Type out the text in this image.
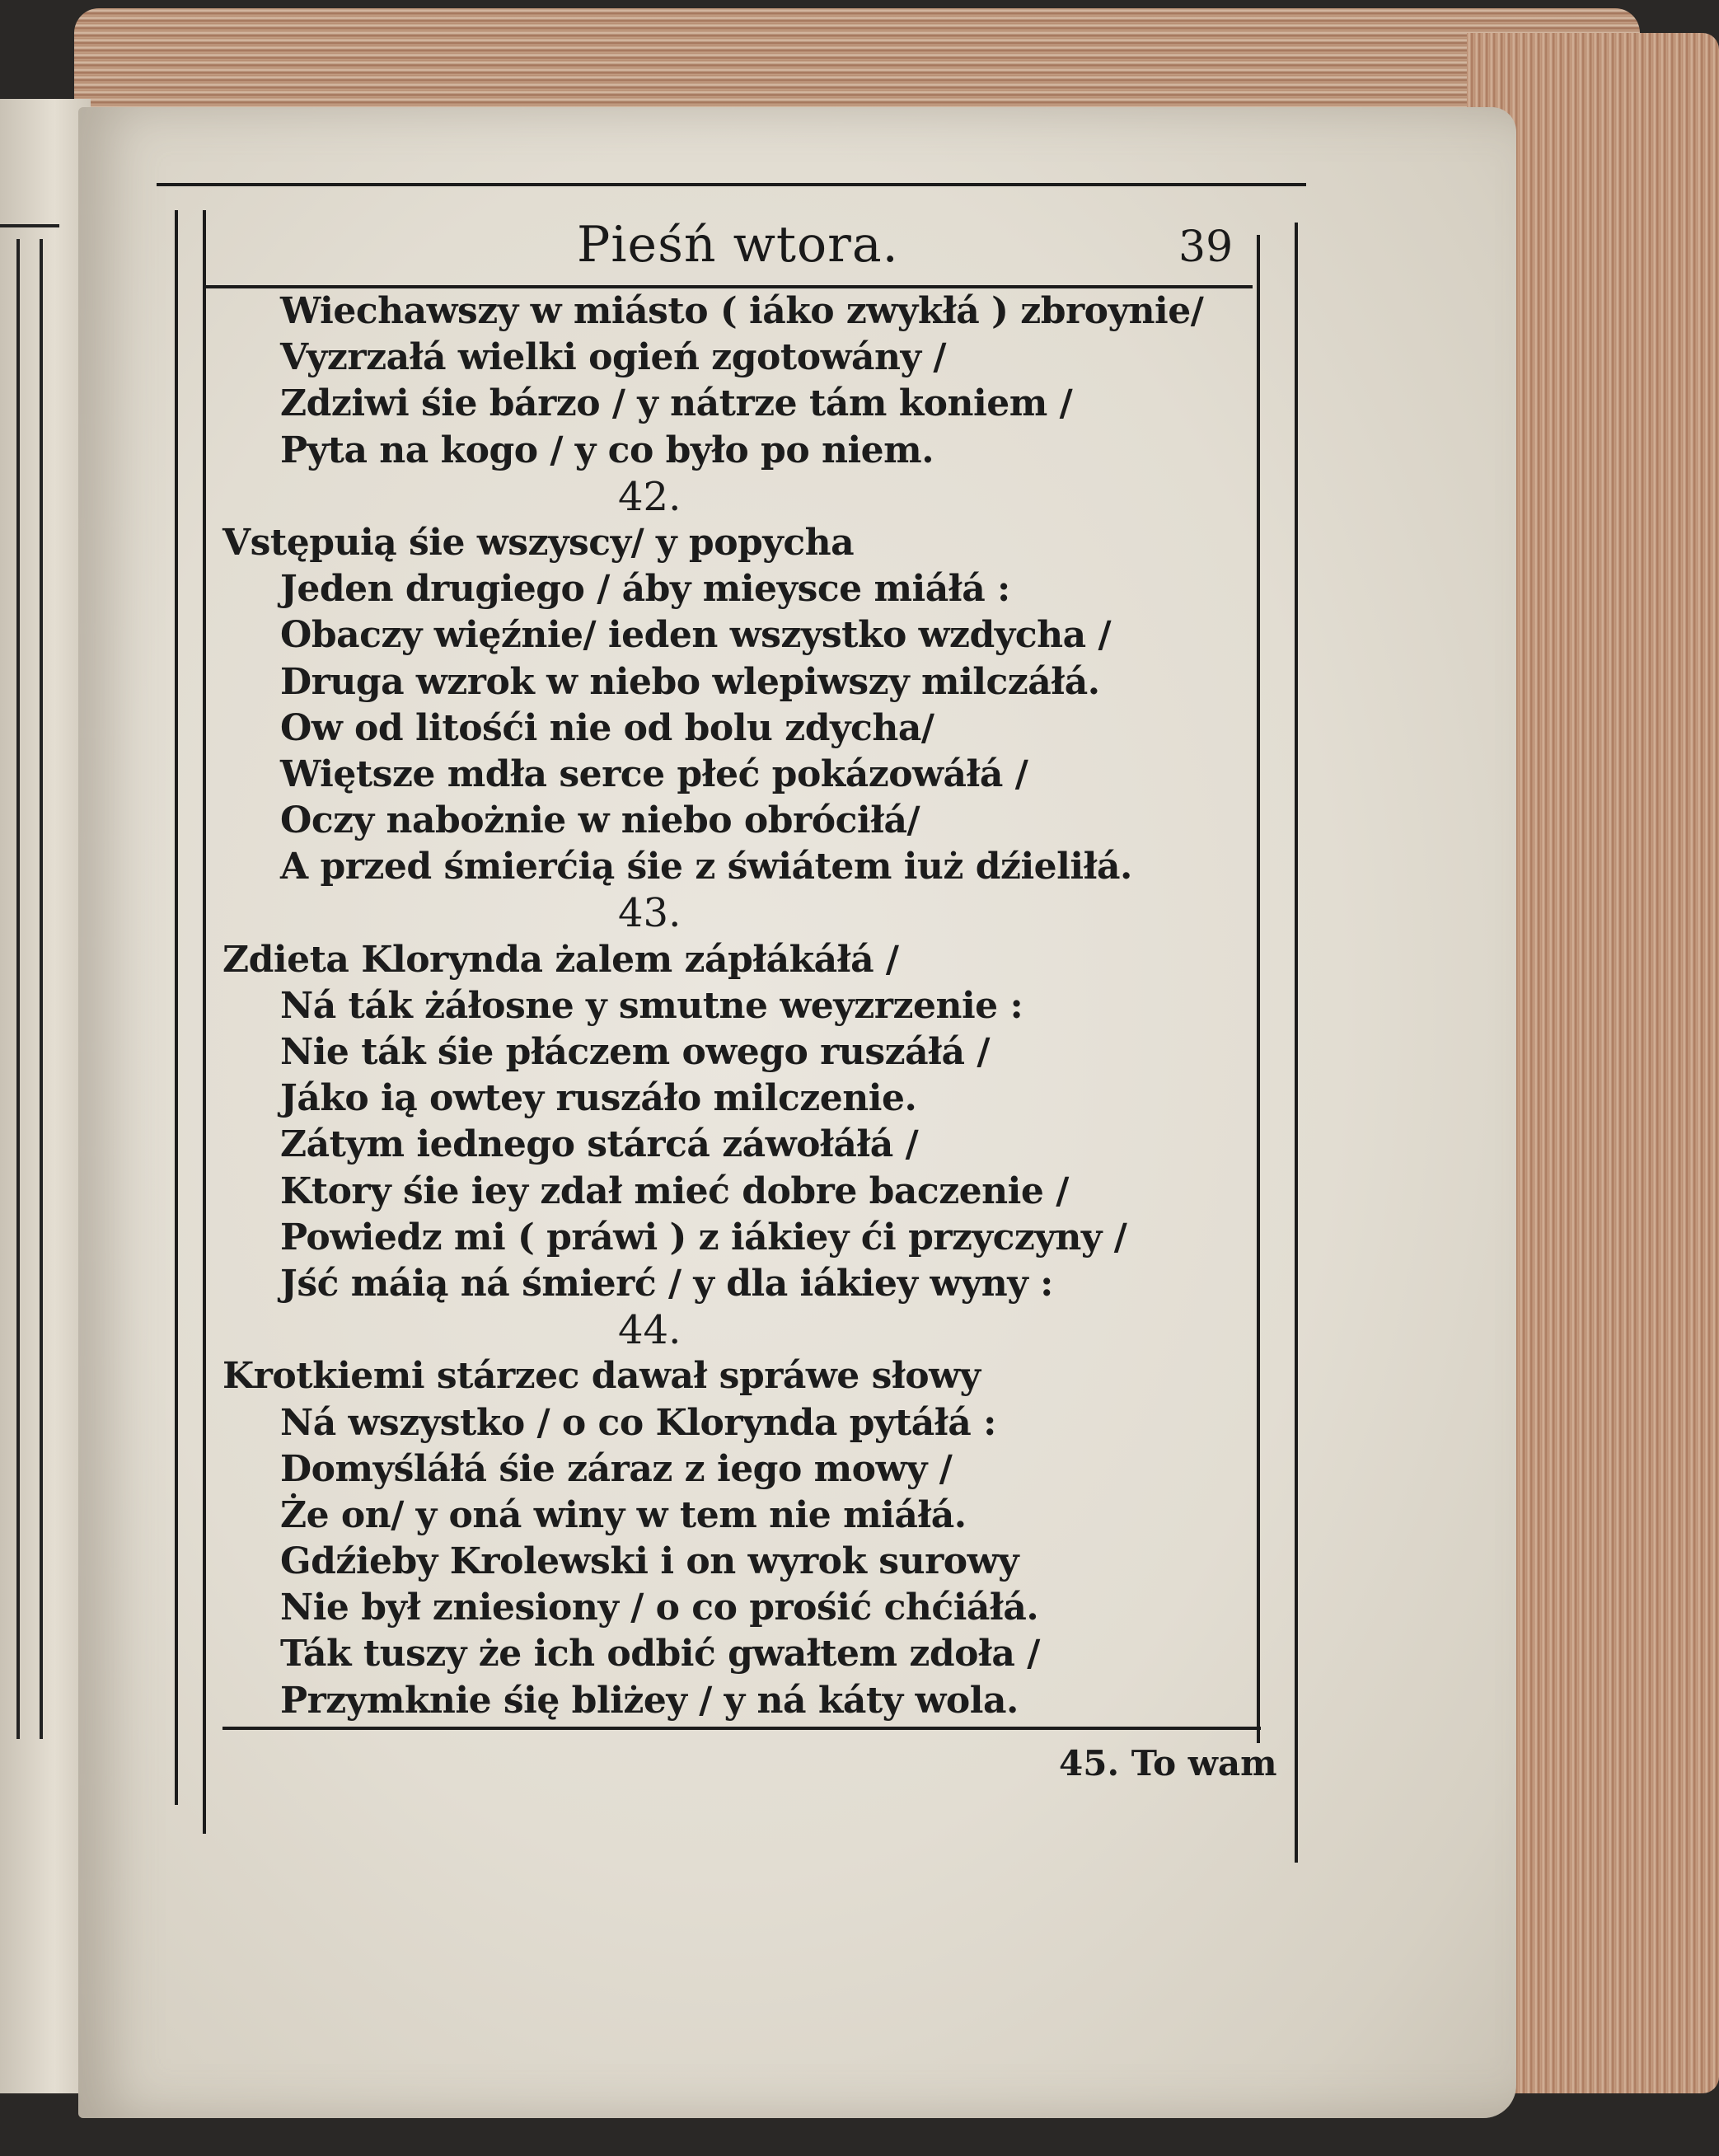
Pieśń wtora.	39
Wiechawszy w miásto ( iáko zwykłá ) zbroynie/
Vyzrzałá wielki ogień zgotowány /
Zdziwi śie bárzo / y nátrze tám koniem /
Pyta na kogo / y co było po niem.
42.
Vstępuią śie wszyscy/ y popycha
Jeden drugiego / áby mieysce miáłá :
Obaczy więźnie/ ieden wszystko wzdycha /
Druga wzrok w niebo wlepiwszy milczáłá.
Ow od litośći nie od bolu zdycha/
Więtsze mdła serce płeć pokázowáłá /
Oczy nabożnie w niebo obróciłá/
A przed śmierćią śie z świátem iuż dźieliłá.
43.
Zdieta Klorynda żalem zápłákáłá /
Ná ták żáłosne y smutne weyzrzenie :
Nie ták śie płáczem owego ruszáłá /
Jáko ią owtey ruszáło milczenie.
Zátym iednego stárcá záwołáłá /
Ktory śie iey zdał mieć dobre baczenie /
Powiedz mi ( práwi ) z iákiey ći przyczyny /
Jść máią ná śmierć / y dla iákiey wyny :
44.
Krotkiemi stárzec dawał spráwe słowy
Ná wszystko / o co Klorynda pytáłá :
Domyśláłá śie záraz z iego mowy /
Że on/ y oná winy w tem nie miáłá.
Gdźieby Krolewski i on wyrok surowy
Nie był zniesiony / o co prośić chćiáłá.
Ták tuszy że ich odbić gwałtem zdoła /
Przymknie śię bliżey / y ná káty wola.
45. To wam
